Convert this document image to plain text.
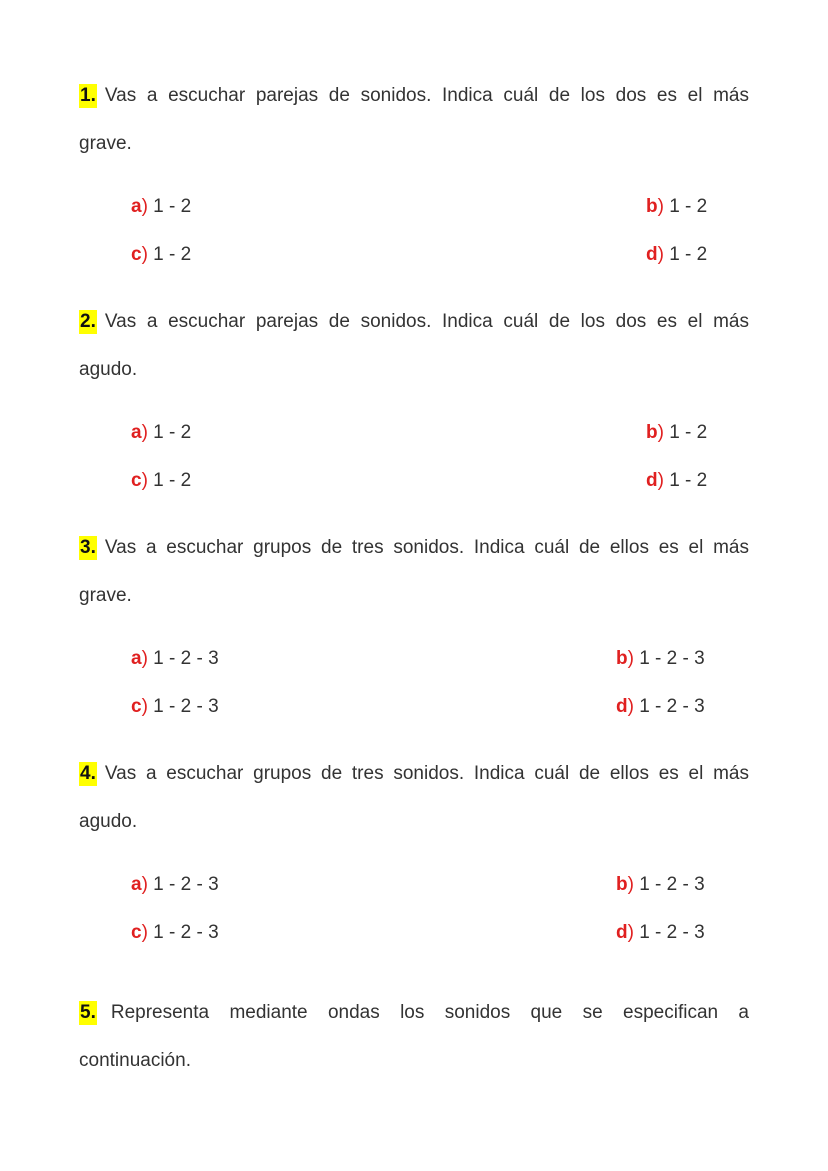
1. Vas a escuchar parejas de sonidos. Indica cuál de los dos es el más
grave.
a) 1 - 2	b) 1 - 2
c) 1 - 2	d) 1 - 2
2. Vas a escuchar parejas de sonidos. Indica cuál de los dos es el más
agudo.
a) 1 - 2	b) 1 - 2
c) 1 - 2	d) 1 - 2
3. Vas a escuchar grupos de tres sonidos. Indica cuál de ellos es el más
grave.
a) 1 - 2 - 3	b) 1 - 2 - 3
c) 1 - 2 - 3	d) 1 - 2 - 3
4. Vas a escuchar grupos de tres sonidos. Indica cuál de ellos es el más
agudo.
a) 1 - 2 - 3	b) 1 - 2 - 3
c) 1 - 2 - 3	d) 1 - 2 - 3
5. Representa mediante ondas los sonidos que se especifican a
continuación.
